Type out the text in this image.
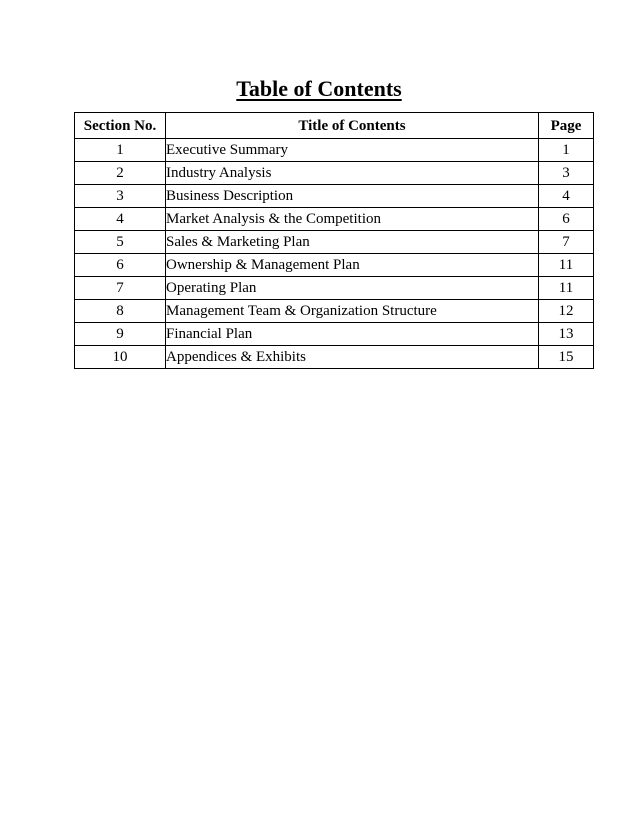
Table of Contents
Section No.	Title of Contents	Page
1	Executive Summary	1
2	Industry Analysis	3
3	Business Description	4
4	Market Analysis & the Competition	6
5	Sales & Marketing Plan	7
6	Ownership & Management Plan	11
7	Operating Plan	11
8	Management Team & Organization Structure	12
9	Financial Plan	13
10	Appendices & Exhibits	15
